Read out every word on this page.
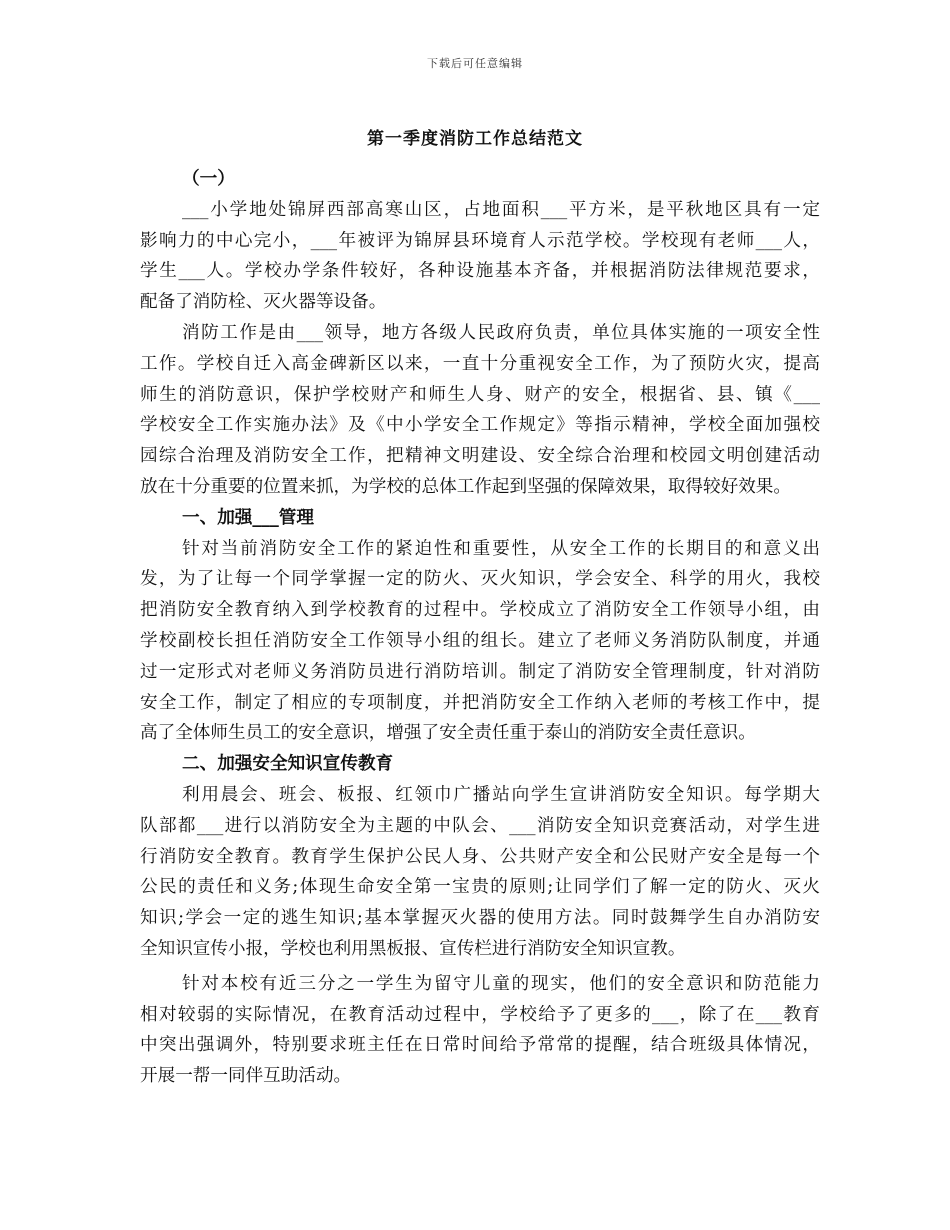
下载后可任意编辑
第一季度消防工作总结范文
（一）
___小学地处锦屏西部高寒山区，占地面积___平方米，是平秋地区具有一定
影响力的中心完小，___年被评为锦屏县环境育人示范学校。学校现有老师___人，
学生___人。学校办学条件较好，各种设施基本齐备，并根据消防法律规范要求，
配备了消防栓、灭火器等设备。
消防工作是由___领导，地方各级人民政府负责，单位具体实施的一项安全性
工作。学校自迁入高金碑新区以来，一直十分重视安全工作，为了预防火灾，提高
师生的消防意识，保护学校财产和师生人身、财产的安全，根据省、县、镇《___
学校安全工作实施办法》及《中小学安全工作规定》等指示精神，学校全面加强校
园综合治理及消防安全工作，把精神文明建设、安全综合治理和校园文明创建活动
放在十分重要的位置来抓，为学校的总体工作起到坚强的保障效果，取得较好效果。
一、加强___管理
针对当前消防安全工作的紧迫性和重要性，从安全工作的长期目的和意义出
发，为了让每一个同学掌握一定的防火、灭火知识，学会安全、科学的用火，我校
把消防安全教育纳入到学校教育的过程中。学校成立了消防安全工作领导小组，由
学校副校长担任消防安全工作领导小组的组长。建立了老师义务消防队制度，并通
过一定形式对老师义务消防员进行消防培训。制定了消防安全管理制度，针对消防
安全工作，制定了相应的专项制度，并把消防安全工作纳入老师的考核工作中，提
高了全体师生员工的安全意识，增强了安全责任重于泰山的消防安全责任意识。
二、加强安全知识宣传教育
利用晨会、班会、板报、红领巾广播站向学生宣讲消防安全知识。每学期大
队部都___进行以消防安全为主题的中队会、___消防安全知识竞赛活动，对学生进
行消防安全教育。教育学生保护公民人身、公共财产安全和公民财产安全是每一个
公民的责任和义务;体现生命安全第一宝贵的原则;让同学们了解一定的防火、灭火
知识;学会一定的逃生知识;基本掌握灭火器的使用方法。同时鼓舞学生自办消防安
全知识宣传小报，学校也利用黑板报、宣传栏进行消防安全知识宣教。
针对本校有近三分之一学生为留守儿童的现实，他们的安全意识和防范能力
相对较弱的实际情况，在教育活动过程中，学校给予了更多的___，除了在___教育
中突出强调外，特别要求班主任在日常时间给予常常的提醒，结合班级具体情况，
开展一帮一同伴互助活动。
